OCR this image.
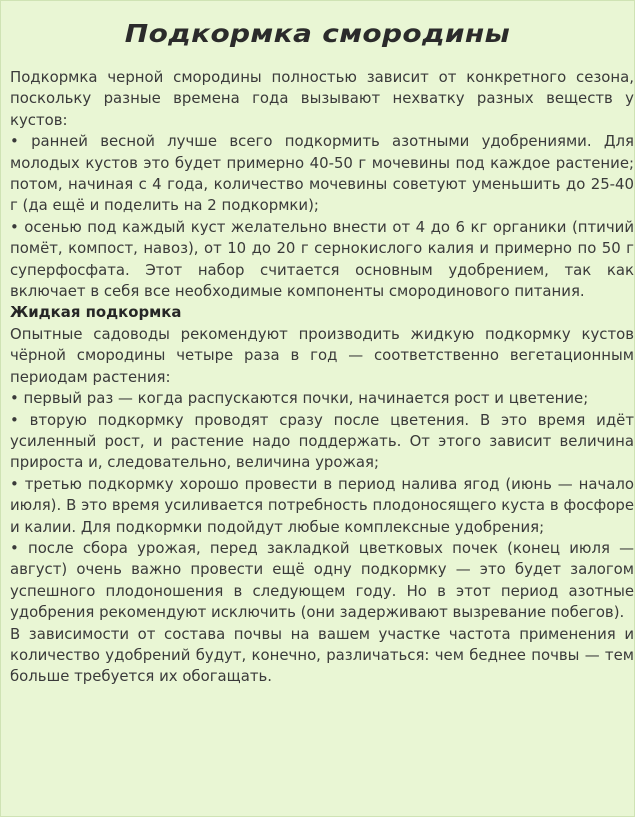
Подкормка смородины

Подкормка черной смородины полностью зависит от конкретного сезона, поскольку разные времена года вызывают нехватку разных веществ у кустов:

• ранней весной лучше всего подкормить азотными удобрениями. Для молодых кустов это будет примерно 40-50 г мочевины под каждое растение; потом, начиная с 4 года, количество мочевины советуют уменьшить до 25-40 г (да ещё и поделить на 2 подкормки);

• осенью под каждый куст желательно внести от 4 до 6 кг органики (птичий помёт, компост, навоз), от 10 до 20 г сернокислого калия и примерно по 50 г суперфосфата. Этот набор считается основным удобрением, так как включает в себя все необходимые компоненты смородинового питания.

Жидкая подкормка

Опытные садоводы рекомендуют производить жидкую подкормку кустов чёрной смородины четыре раза в год — соответственно вегетационным периодам растения:

• первый раз — когда распускаются почки, начинается рост и цветение;

• вторую подкормку проводят сразу после цветения. В это время идёт усиленный рост, и растение надо поддержать. От этого зависит величина прироста и, следовательно, величина урожая;

• третью подкормку хорошо провести в период налива ягод (июнь — начало июля). В это время усиливается потребность плодоносящего куста в фосфоре и калии. Для подкормки подойдут любые комплексные удобрения;

• после сбора урожая, перед закладкой цветковых почек (конец июля — август) очень важно провести ещё одну подкормку — это будет залогом успешного плодоношения в следующем году. Но в этот период азотные удобрения рекомендуют исключить (они задерживают вызревание побегов).

В зависимости от состава почвы на вашем участке частота применения и количество удобрений будут, конечно, различаться: чем беднее почвы — тем больше требуется их обогащать.
